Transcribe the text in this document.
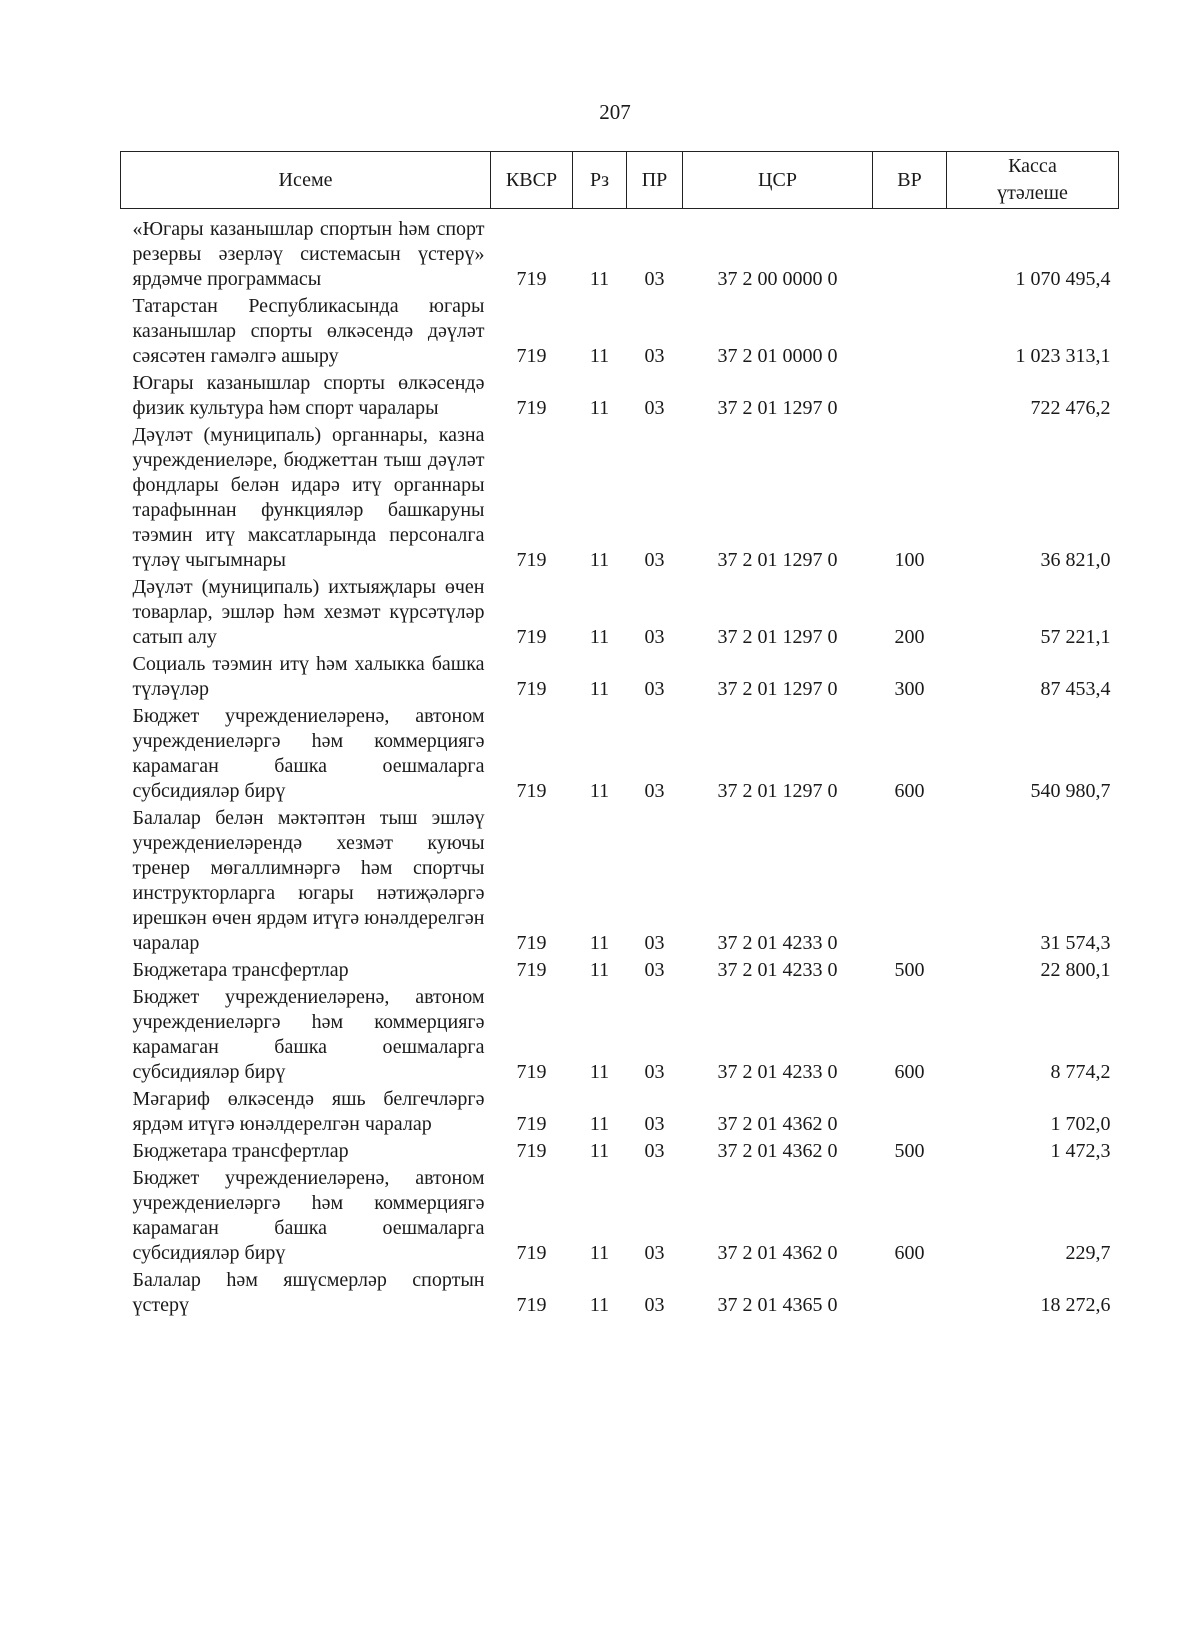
207
Исеме	КВСР	Рз	ПР	ЦСР	ВР	Касса
үтәлеше

«Югары казанышлар спортын һәм спорт резервы әзерләү системасын үстерү» ярдәмче программасы	719	11	03	37 2 00 0000 0		1 070 495,4
Татарстан Республикасында югары казанышлар спорты өлкәсендә дәүләт сәясәтен гамәлгә ашыру	719	11	03	37 2 01 0000 0		1 023 313,1
Югары казанышлар спорты өлкәсендә физик культура һәм спорт чаралары	719	11	03	37 2 01 1297 0		722 476,2
Дәүләт (муниципаль) органнары, казна учреждениеләре, бюджеттан тыш дәүләт фондлары белән идарә итү органнары тарафыннан функцияләр башкаруны тәэмин итү максатларында персоналга түләү чыгымнары	719	11	03	37 2 01 1297 0	100	36 821,0
Дәүләт (муниципаль) ихтыяҗлары өчен товарлар, эшләр һәм хезмәт күрсәтүләр сатып алу	719	11	03	37 2 01 1297 0	200	57 221,1
Социаль тәэмин итү һәм халыкка башка түләүләр	719	11	03	37 2 01 1297 0	300	87 453,4
Бюджет учреждениеләренә, автоном учреждениеләргә һәм коммерциягә карамаган башка оешмаларга субсидияләр бирү	719	11	03	37 2 01 1297 0	600	540 980,7
Балалар белән мәктәптән тыш эшләү учреждениеләрендә хезмәт куючы тренер мөгаллимнәргә һәм спортчы инструкторларга югары нәтиҗәләргә ирешкән өчен ярдәм итүгә юнәлдерелгән чаралар	719	11	03	37 2 01 4233 0		31 574,3
Бюджетара трансфертлар	719	11	03	37 2 01 4233 0	500	22 800,1
Бюджет учреждениеләренә, автоном учреждениеләргә һәм коммерциягә карамаган башка оешмаларга субсидияләр бирү	719	11	03	37 2 01 4233 0	600	8 774,2
Мәгариф өлкәсендә яшь белгечләргә ярдәм итүгә юнәлдерелгән чаралар	719	11	03	37 2 01 4362 0		1 702,0
Бюджетара трансфертлар	719	11	03	37 2 01 4362 0	500	1 472,3
Бюджет учреждениеләренә, автоном учреждениеләргә һәм коммерциягә карамаган башка оешмаларга субсидияләр бирү	719	11	03	37 2 01 4362 0	600	229,7
Балалар һәм яшүсмерләр спортын үстерү	719	11	03	37 2 01 4365 0		18 272,6
